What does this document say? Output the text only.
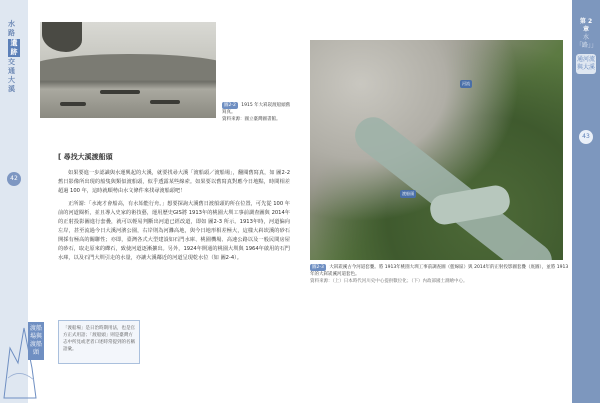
水 路
遺 跡
交 通 大 溪
42
圖2-2 1915 年大嵙崁渡船頭舊寫真。
資料來源：國立臺灣圖書館。
[ 尋找大溪渡船頭

如果要進一步認識與水運興起的大溪，就要找尋大溪「渡船頭／渡船場」，翻閱舊寫真，如 圖2-2 舊日影像所出現的船隻與類似渡船頭，似乎透露某些線索。如果要以舊寫真對應今日地點，時間相差超過 100 年，這時就順勢由水文條件來找尋渡船頭吧！

正所謂：「水淹才會船高，有水始能行舟。」想要探詢大溪舊日渡船頭的所在位置，可先從 100 年前的河道閱析，並且導入史家的術技藝，運用歷史GIS將 1913年的桃園大圳工事前調查圖與 2014年的正射投影圖進行套疊，就可以輕易判斷出河道已經改道，即如 圖2-3 所示。1913年時，河道偏向左岸，甚至流過今日大溪河濱公園，右岸則為河灘高地，與今日地形相差極大，這樣大嵙崁溪的砂石開採有極高的關聯性；亦即，臺灣各式大型建設如石門水庫、桃園機場、高速公路以及一般民間房屋的砂石，取走原來的礫石，致使河道逐漸擴出。另外，1924年開通的桃園大圳與 1964年啟用的石門水庫，以及石門大圳引走的水量，亦讓大溪鄰近的河道呈現乾水位（如 圖2-4）。

渡船場與渡船頭
「渡船場」是日治時期用法，也是官方正式用語；「渡船頭」則是臺灣方志中所見或老者口述時常提到的名稱語彙。
第 2 章
水「路」」
通河流與大溪
43
河流
渡船頭
圖2-3 大嵙崁溪古今河道套疊。將 1913年桃園大圳工事前調查圖（藍線區）與 2014年的正射投影圖套疊（底圖），並將 1913年的大嵙崁溪河道套色。
資料來源：（上）日本時代河川史中心提供數位化；（下）內政部國土測繪中心。
